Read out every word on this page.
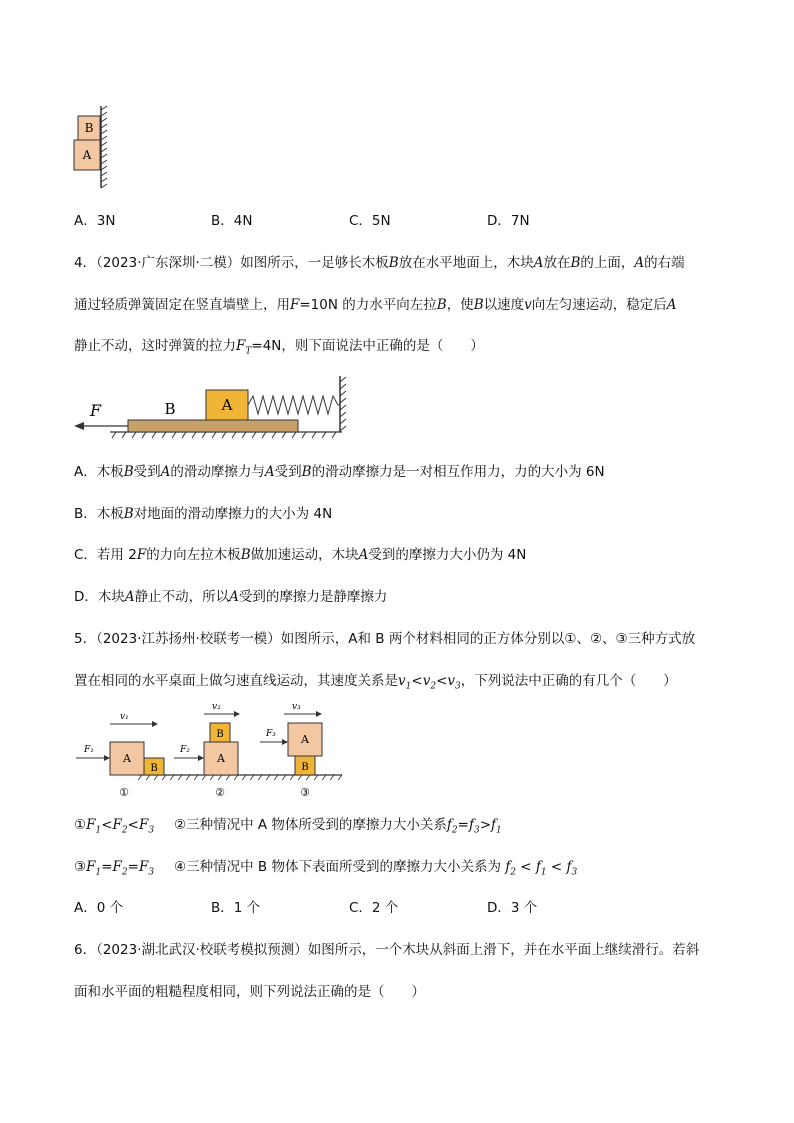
B
A
A．3N	B．4N	C．5N	D．7N
4．（2023·广东深圳·二模）如图所示，一足够长木板B放在水平地面上，木块A放在B的上面，A的右端
通过轻质弹簧固定在竖直墙壁上，用F=10N 的力水平向左拉B，使B以速度v向左匀速运动，稳定后A
静止不动，这时弹簧的拉力$F_T=4N$，则下面说法中正确的是（　　）
B	A
F
A．木板B受到A的滑动摩擦力与A受到B的滑动摩擦力是一对相互作用力，力的大小为 6N
B．木板B对地面的滑动摩擦力的大小为 4N
C．若用 2F的力向左拉木板B做加速运动，木块A受到的摩擦力大小仍为 4N
D．木块A静止不动，所以A受到的摩擦力是静摩擦力
5．（2023·江苏扬州·校联考一模）如图所示，A和 B 两个材料相同的正方体分别以①、②、③三种方式放
置在相同的水平桌面上做匀速直线运动，其速度关系是$v_1<v_2<v_3$，下列说法中正确的有几个（　　）
v₁
F₁
A
B
①
v₂
F₂
B
A
②
v₃
F₃ A
B
③
$①F_1<F_2<F_3$ ②三种情况中 A 物体所受到的摩擦力大小关系$f_2=f_3>f_1$
$③F_1=F_2=F_3$ ④三种情况中 B 物体下表面所受到的摩擦力大小关系为 $f_2 < f_1 < f_3$
A．0 个	B．1 个	C．2 个	D．3 个
6．（2023·湖北武汉·校联考模拟预测）如图所示，一个木块从斜面上滑下，并在水平面上继续滑行。若斜
面和水平面的粗糙程度相同，则下列说法正确的是（　　）
